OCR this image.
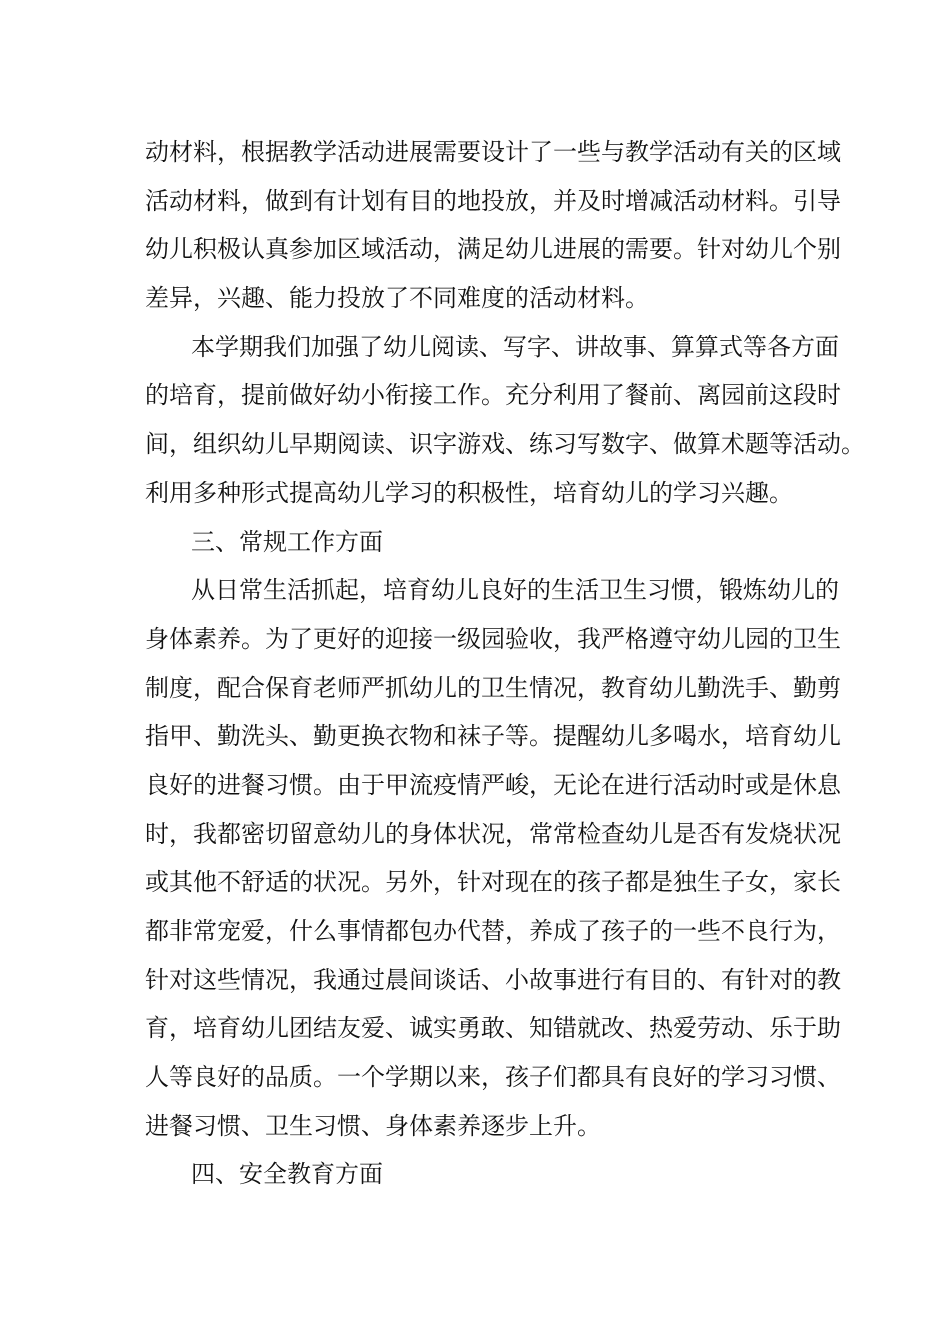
动材料，根据教学活动进展需要设计了一些与教学活动有关的区域
活动材料，做到有计划有目的地投放，并及时增减活动材料。引导
幼儿积极认真参加区域活动，满足幼儿进展的需要。针对幼儿个别
差异，兴趣、能力投放了不同难度的活动材料。
本学期我们加强了幼儿阅读、写字、讲故事、算算式等各方面
的培育，提前做好幼小衔接工作。充分利用了餐前、离园前这段时
间，组织幼儿早期阅读、识字游戏、练习写数字、做算术题等活动。
利用多种形式提高幼儿学习的积极性，培育幼儿的学习兴趣。
三、常规工作方面
从日常生活抓起，培育幼儿良好的生活卫生习惯，锻炼幼儿的
身体素养。为了更好的迎接一级园验收，我严格遵守幼儿园的卫生
制度，配合保育老师严抓幼儿的卫生情况，教育幼儿勤洗手、勤剪
指甲、勤洗头、勤更换衣物和袜子等。提醒幼儿多喝水，培育幼儿
良好的进餐习惯。由于甲流疫情严峻，无论在进行活动时或是休息
时，我都密切留意幼儿的身体状况，常常检查幼儿是否有发烧状况
或其他不舒适的状况。另外，针对现在的孩子都是独生子女，家长
都非常宠爱，什么事情都包办代替，养成了孩子的一些不良行为，
针对这些情况，我通过晨间谈话、小故事进行有目的、有针对的教
育，培育幼儿团结友爱、诚实勇敢、知错就改、热爱劳动、乐于助
人等良好的品质。一个学期以来，孩子们都具有良好的学习习惯、
进餐习惯、卫生习惯、身体素养逐步上升。
四、安全教育方面
